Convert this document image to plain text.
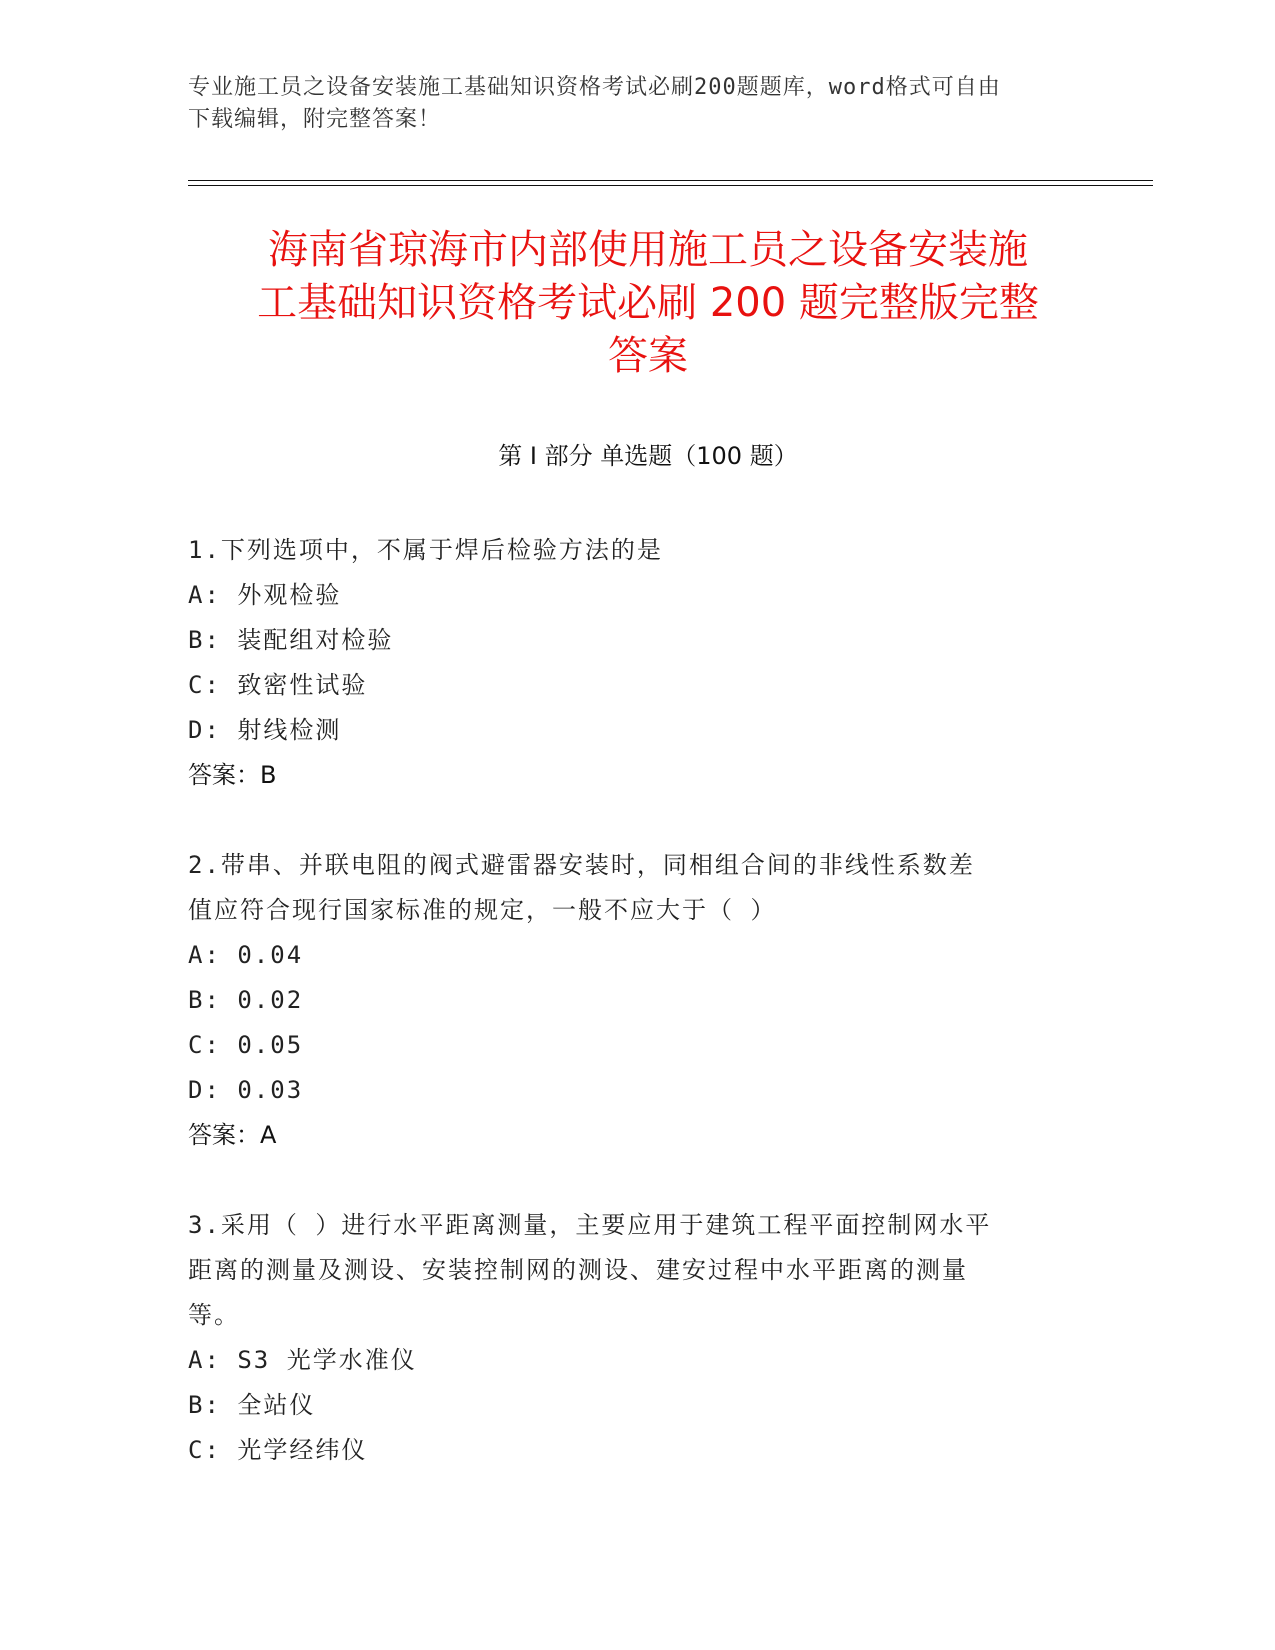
专业施工员之设备安装施工基础知识资格考试必刷200题题库，word格式可自由
下载编辑，附完整答案！
海南省琼海市内部使用施工员之设备安装施
工基础知识资格考试必刷 200 题完整版完整
答案
第 I 部分 单选题（100 题）
1.下列选项中，不属于焊后检验方法的是
A: 外观检验
B: 装配组对检验
C: 致密性试验
D: 射线检测
答案：B
2.带串、并联电阻的阀式避雷器安装时，同相组合间的非线性系数差
值应符合现行国家标准的规定，一般不应大于（ ）
A: 0.04
B: 0.02
C: 0.05
D: 0.03
答案：A
3.采用（ ）进行水平距离测量，主要应用于建筑工程平面控制网水平
距离的测量及测设、安装控制网的测设、建安过程中水平距离的测量
等。
A: S3 光学水准仪
B: 全站仪
C: 光学经纬仪
